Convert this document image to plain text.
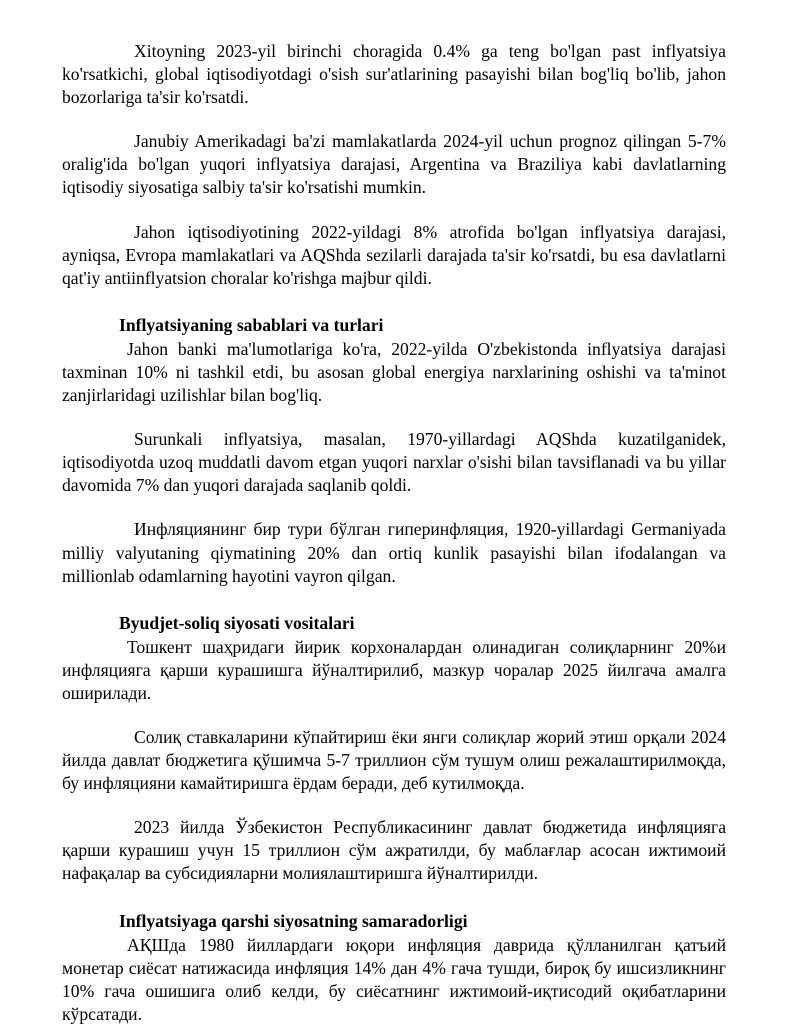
Xitoyning 2023-yil birinchi choragida 0.4% ga teng bo'lgan past inflyatsiya ko'rsatkichi, global iqtisodiyotdagi o'sish sur'atlarining pasayishi bilan bog'liq bo'lib, jahon bozorlariga ta'sir ko'rsatdi.

Janubiy Amerikadagi ba'zi mamlakatlarda 2024-yil uchun prognoz qilingan 5-7% oralig'ida bo'lgan yuqori inflyatsiya darajasi, Argentina va Braziliya kabi davlatlarning iqtisodiy siyosatiga salbiy ta'sir ko'rsatishi mumkin.

Jahon iqtisodiyotining 2022-yildagi 8% atrofida bo'lgan inflyatsiya darajasi, ayniqsa, Evropa mamlakatlari va AQShda sezilarli darajada ta'sir ko'rsatdi, bu esa davlatlarni qat'iy antiinflyatsion choralar ko'rishga majbur qildi.

Inflyatsiyaning sabablari va turlari

Jahon banki ma'lumotlariga ko'ra, 2022-yilda O'zbekistonda inflyatsiya darajasi taxminan 10% ni tashkil etdi, bu asosan global energiya narxlarining oshishi va ta'minot zanjirlaridagi uzilishlar bilan bog'liq.

Surunkali inflyatsiya, masalan, 1970-yillardagi AQShda kuzatilganidek, iqtisodiyotda uzoq muddatli davom etgan yuqori narxlar o'sishi bilan tavsiflanadi va bu yillar davomida 7% dan yuqori darajada saqlanib qoldi.

Инфляциянинг бир тури бўлган гиперинфляция, 1920-yillardagi Germaniyada milliy valyutaning qiymatining 20% dan ortiq kunlik pasayishi bilan ifodalangan va millionlab odamlarning hayotini vayron qilgan.

Byudjet-soliq siyosati vositalari

Тошкент шаҳридаги йирик корхоналардан олинадиган солиқларнинг 20%и инфляцияга қарши курашишга йўналтирилиб, мазкур чоралар 2025 йилгача амалга оширилади.

Солиқ ставкаларини кўпайтириш ёки янги солиқлар жорий этиш орқали 2024 йилда давлат бюджетига қўшимча 5-7 триллион сўм тушум олиш режалаштирилмоқда, бу инфляцияни камайтиришга ёрдам беради, деб кутилмоқда.

2023 йилда Ўзбекистон Республикасининг давлат бюджетида инфляцияга қарши курашиш учун 15 триллион сўм ажратилди, бу маблағлар асосан ижтимоий нафақалар ва субсидияларни молиялаштиришга йўналтирилди.

Inflyatsiyaga qarshi siyosatning samaradorligi

АҚШда 1980 йиллардаги юқори инфляция даврида қўлланилган қатъий монетар сиёсат натижасида инфляция 14% дан 4% гача тушди, бироқ бу ишсизликнинг 10% гача ошишига олиб келди, бу сиёсатнинг ижтимоий-иқтисодий оқибатларини кўрсатади.
